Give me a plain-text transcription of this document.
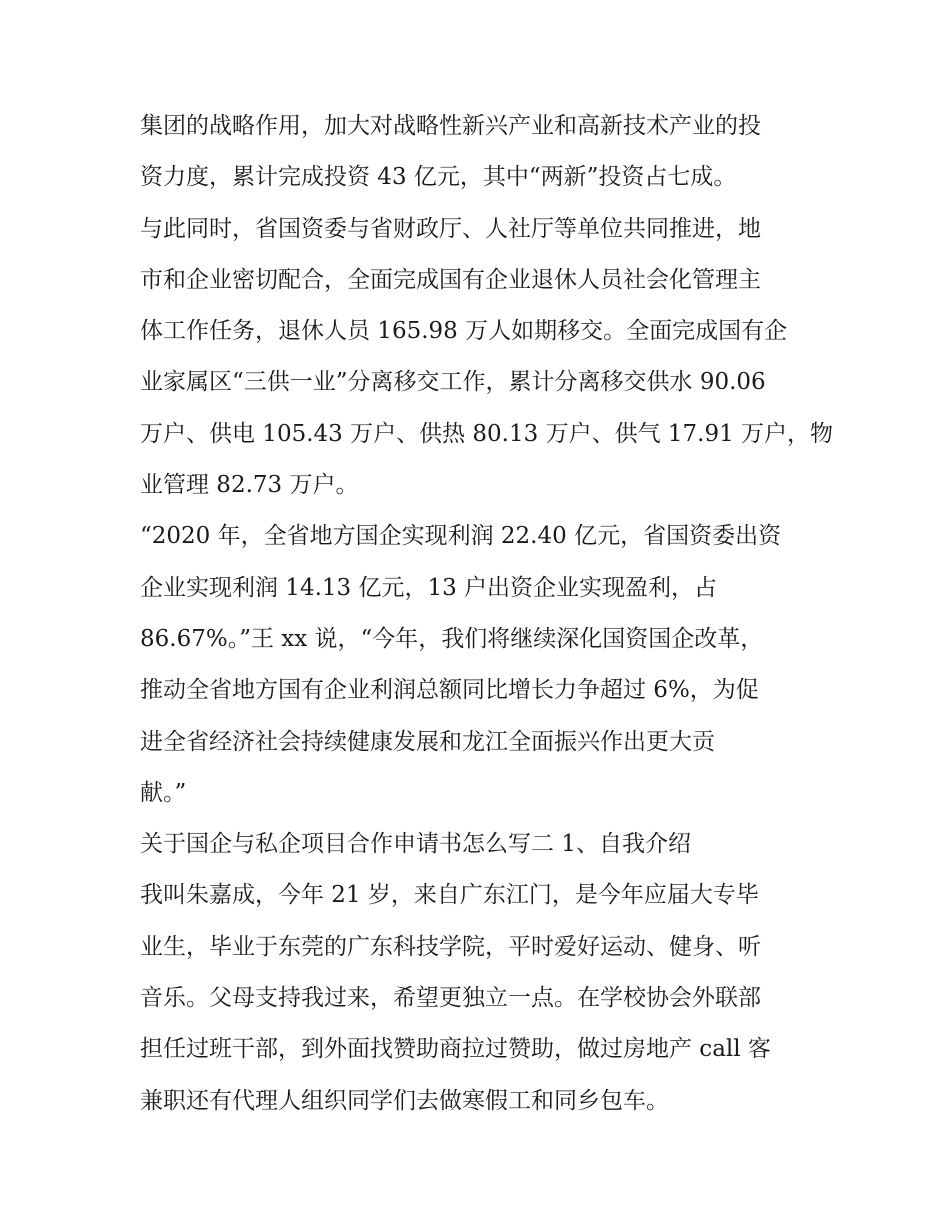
集团的战略作用，加大对战略性新兴产业和高新技术产业的投
资力度，累计完成投资 43 亿元，其中“两新”投资占七成。
与此同时，省国资委与省财政厅、人社厅等单位共同推进，地
市和企业密切配合，全面完成国有企业退休人员社会化管理主
体工作任务，退休人员 165.98 万人如期移交。全面完成国有企
业家属区“三供一业”分离移交工作，累计分离移交供水 90.06
万户、供电 105.43 万户、供热 80.13 万户、供气 17.91 万户，物
业管理 82.73 万户。
“2020 年，全省地方国企实现利润 22.40 亿元，省国资委出资
企业实现利润 14.13 亿元，13 户出资企业实现盈利，占
86.67%。”王 xx 说，“今年，我们将继续深化国资国企改革，
推动全省地方国有企业利润总额同比增长力争超过 6%，为促
进全省经济社会持续健康发展和龙江全面振兴作出更大贡
献。”
关于国企与私企项目合作申请书怎么写二 1、自我介绍
我叫朱嘉成，今年 21 岁，来自广东江门，是今年应届大专毕
业生，毕业于东莞的广东科技学院，平时爱好运动、健身、听
音乐。父母支持我过来，希望更独立一点。在学校协会外联部
担任过班干部，到外面找赞助商拉过赞助，做过房地产 call 客
兼职还有代理人组织同学们去做寒假工和同乡包车。
